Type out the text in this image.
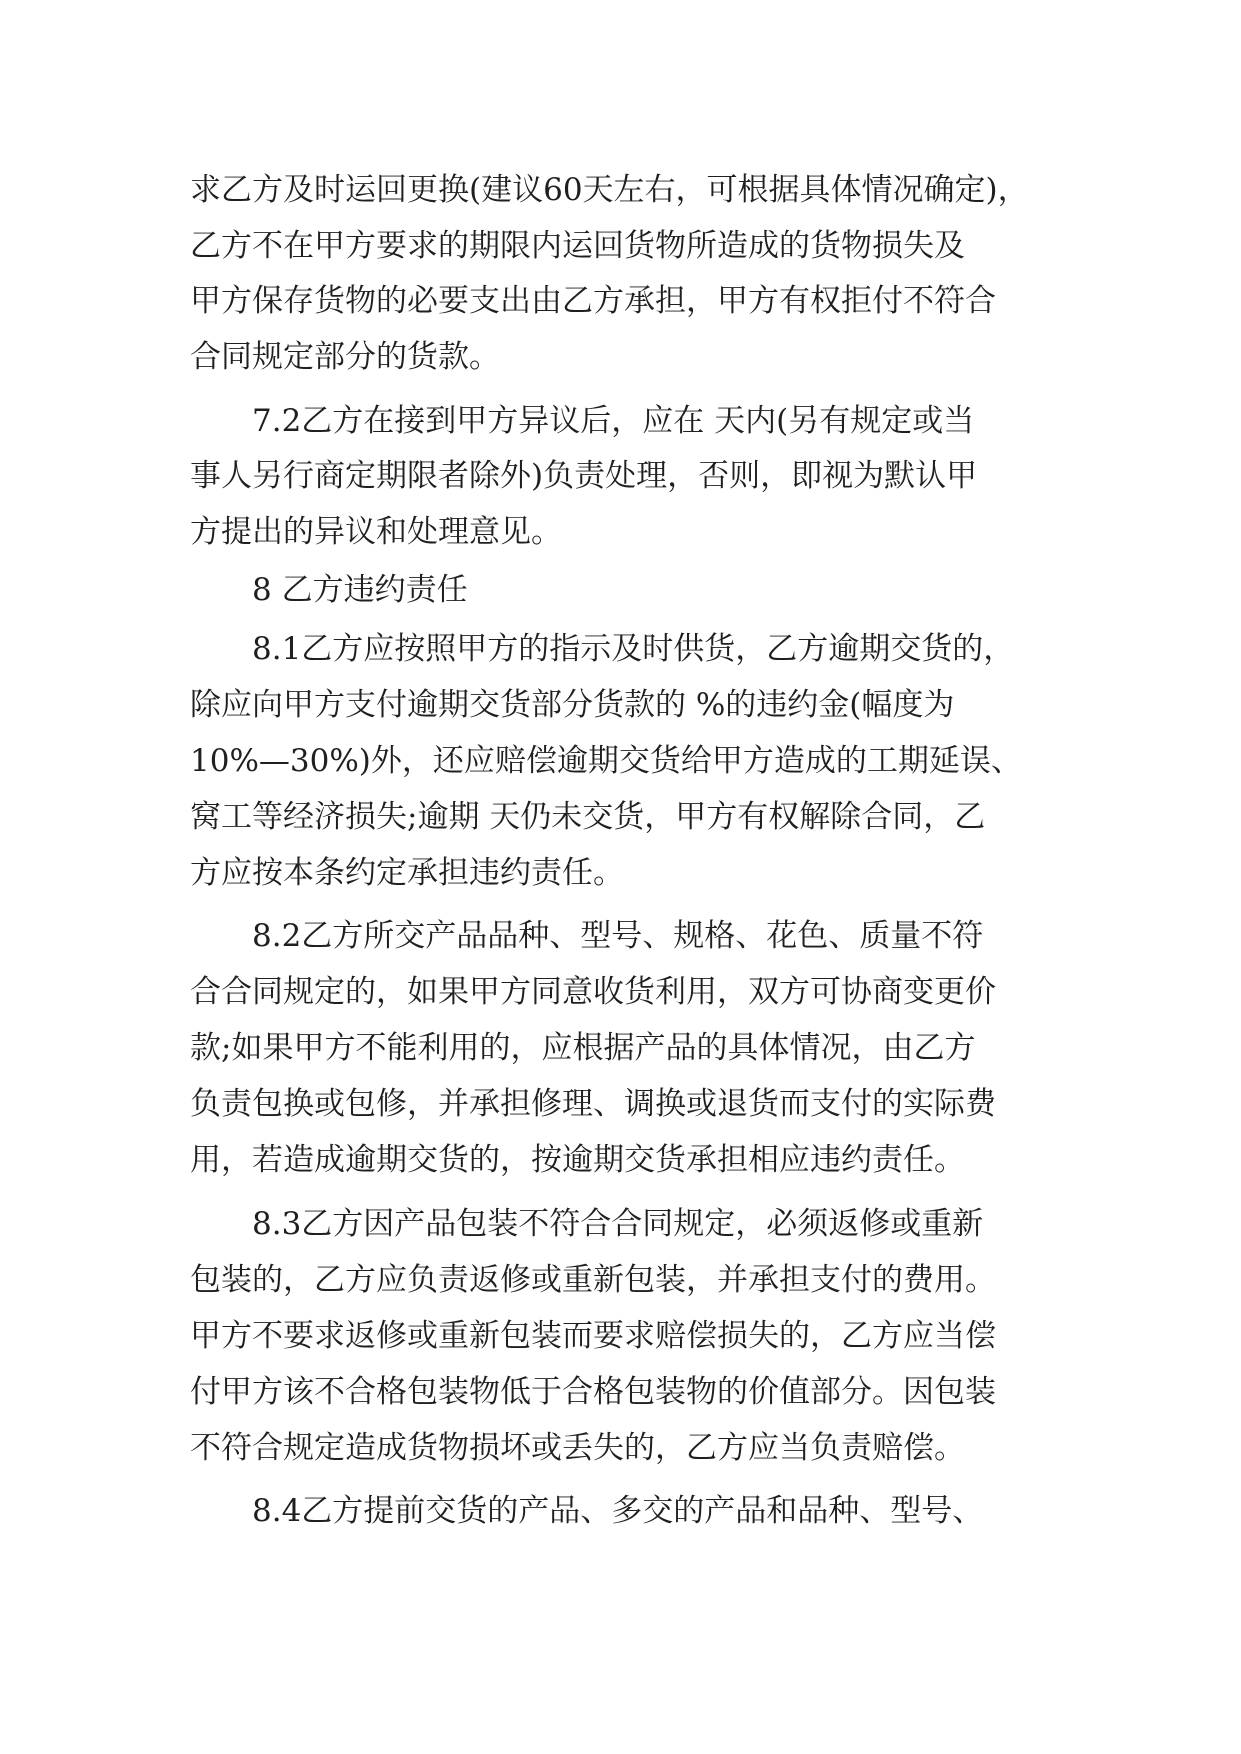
求乙方及时运回更换(建议60天左右，可根据具体情况确定)，

乙方不在甲方要求的期限内运回货物所造成的货物损失及

甲方保存货物的必要支出由乙方承担，甲方有权拒付不符合

合同规定部分的货款。

7.2乙方在接到甲方异议后，应在 天内(另有规定或当

事人另行商定期限者除外)负责处理，否则，即视为默认甲

方提出的异议和处理意见。

8 乙方违约责任

8.1乙方应按照甲方的指示及时供货，乙方逾期交货的，

除应向甲方支付逾期交货部分货款的 %的违约金(幅度为

10%—30%)外，还应赔偿逾期交货给甲方造成的工期延误、

窝工等经济损失;逾期 天仍未交货，甲方有权解除合同，乙

方应按本条约定承担违约责任。

8.2乙方所交产品品种、型号、规格、花色、质量不符

合合同规定的，如果甲方同意收货利用，双方可协商变更价

款;如果甲方不能利用的，应根据产品的具体情况，由乙方

负责包换或包修，并承担修理、调换或退货而支付的实际费

用，若造成逾期交货的，按逾期交货承担相应违约责任。

8.3乙方因产品包装不符合合同规定，必须返修或重新

包装的，乙方应负责返修或重新包装，并承担支付的费用。

甲方不要求返修或重新包装而要求赔偿损失的，乙方应当偿

付甲方该不合格包装物低于合格包装物的价值部分。因包装

不符合规定造成货物损坏或丢失的，乙方应当负责赔偿。

8.4乙方提前交货的产品、多交的产品和品种、型号、
